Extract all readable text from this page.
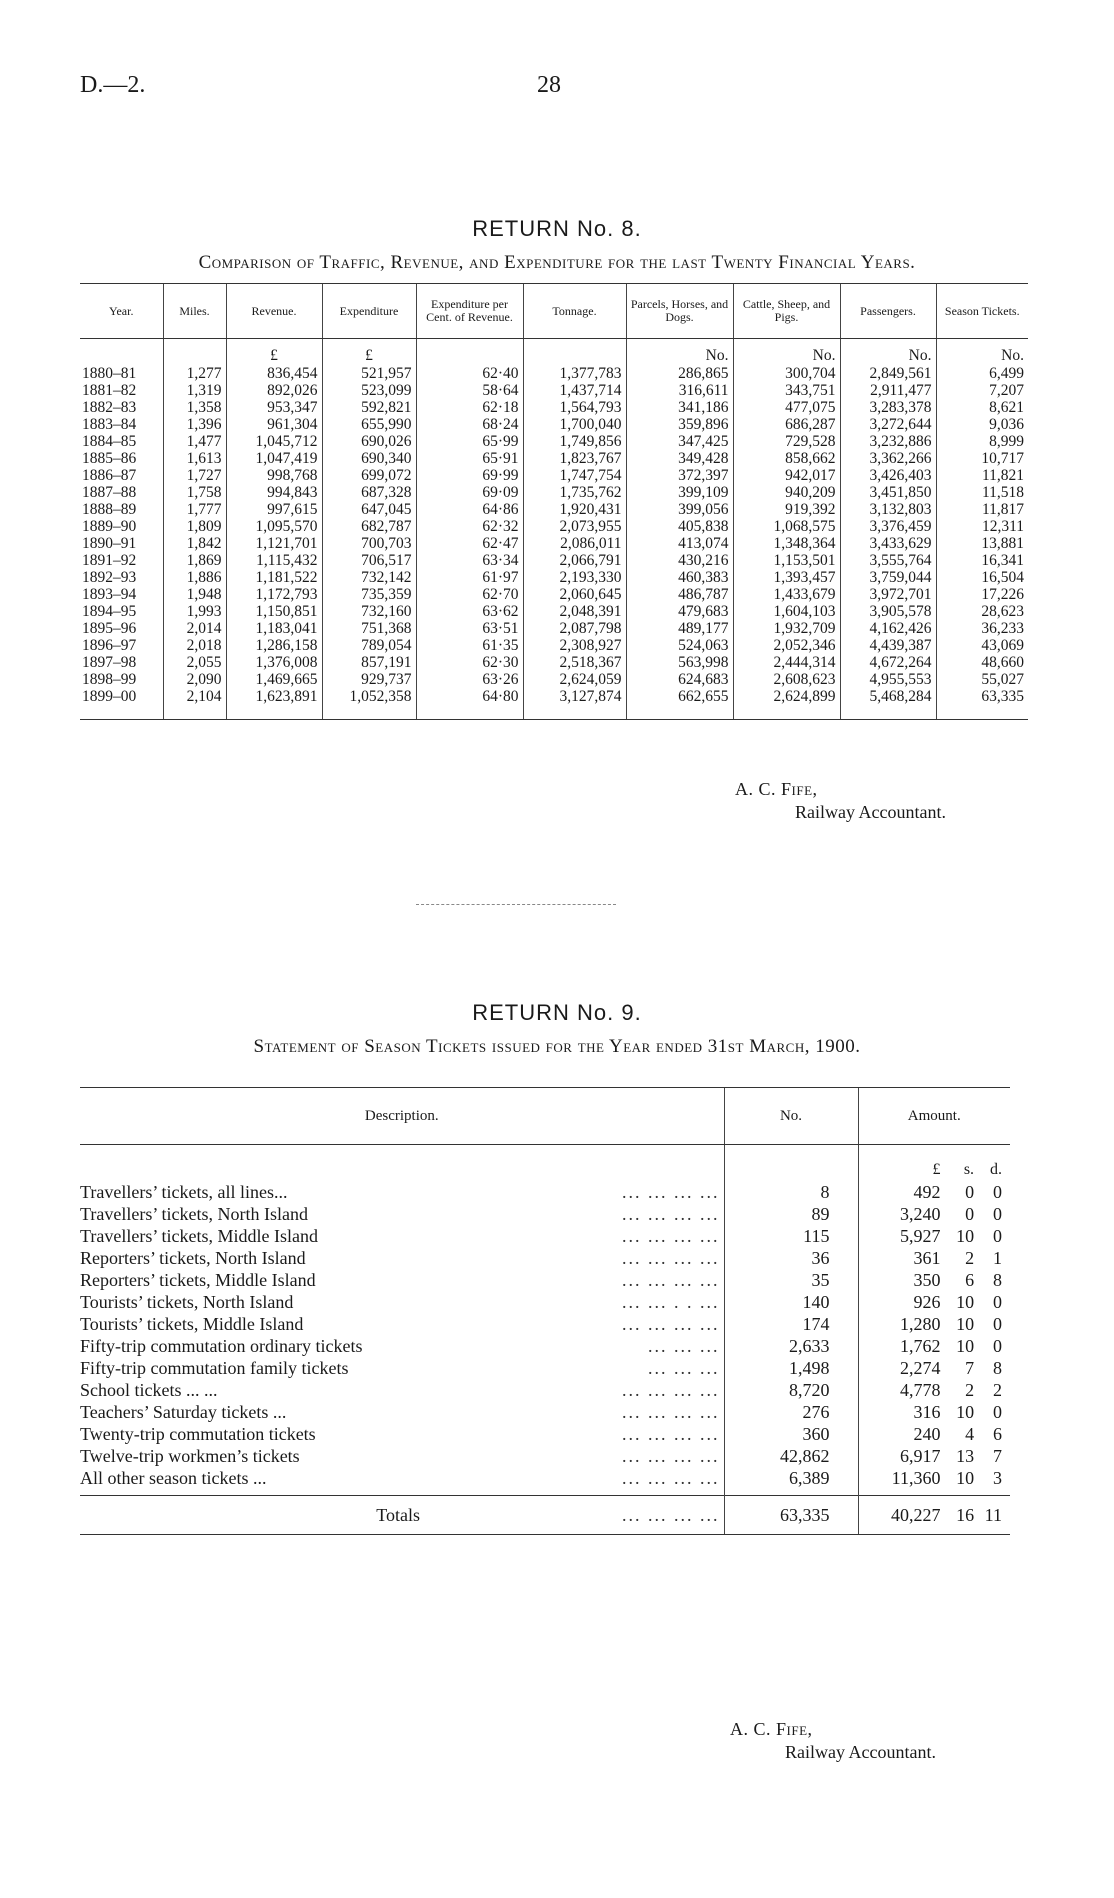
D.—2.	28
RETURN No. 8.
Comparison of Traffic, Revenue, and Expenditure for the last Twenty Financial Years.
Year.	Miles.	Revenue.	Expenditure	Expenditure per Cent. of Revenue.	Tonnage.	Parcels, Horses, and Dogs.	Cattle, Sheep, and Pigs.	Passengers.	Season Tickets.
		£	£			No.	No.	No.	No.
1880–81	1,277	836,454	521,957	62·40	1,377,783	286,865	300,704	2,849,561	6,499
1881–82	1,319	892,026	523,099	58·64	1,437,714	316,611	343,751	2,911,477	7,207
1882–83	1,358	953,347	592,821	62·18	1,564,793	341,186	477,075	3,283,378	8,621
1883–84	1,396	961,304	655,990	68·24	1,700,040	359,896	686,287	3,272,644	9,036
1884–85	1,477	1,045,712	690,026	65·99	1,749,856	347,425	729,528	3,232,886	8,999
1885–86	1,613	1,047,419	690,340	65·91	1,823,767	349,428	858,662	3,362,266	10,717
1886–87	1,727	998,768	699,072	69·99	1,747,754	372,397	942,017	3,426,403	11,821
1887–88	1,758	994,843	687,328	69·09	1,735,762	399,109	940,209	3,451,850	11,518
1888–89	1,777	997,615	647,045	64·86	1,920,431	399,056	919,392	3,132,803	11,817
1889–90	1,809	1,095,570	682,787	62·32	2,073,955	405,838	1,068,575	3,376,459	12,311
1890–91	1,842	1,121,701	700,703	62·47	2,086,011	413,074	1,348,364	3,433,629	13,881
1891–92	1,869	1,115,432	706,517	63·34	2,066,791	430,216	1,153,501	3,555,764	16,341
1892–93	1,886	1,181,522	732,142	61·97	2,193,330	460,383	1,393,457	3,759,044	16,504
1893–94	1,948	1,172,793	735,359	62·70	2,060,645	486,787	1,433,679	3,972,701	17,226
1894–95	1,993	1,150,851	732,160	63·62	2,048,391	479,683	1,604,103	3,905,578	28,623
1895–96	2,014	1,183,041	751,368	63·51	2,087,798	489,177	1,932,709	4,162,426	36,233
1896–97	2,018	1,286,158	789,054	61·35	2,308,927	524,063	2,052,346	4,439,387	43,069
1897–98	2,055	1,376,008	857,191	62·30	2,518,367	563,998	2,444,314	4,672,264	48,660
1898–99	2,090	1,469,665	929,737	63·26	2,624,059	624,683	2,608,623	4,955,553	55,027
1899–00	2,104	1,623,891	1,052,358	64·80	3,127,874	662,655	2,624,899	5,468,284	63,335
A. C. Fife,
Railway Accountant.
RETURN No. 9.
Statement of Season Tickets issued for the Year ended 31st March, 1900.
Description.		No.	Amount.

			£ s. d.

Travellers’ tickets, all lines...	... ... ... ...	8	492 0 0

Travellers’ tickets, North Island	... ... ... ...	89	3,240 0 0

Travellers’ tickets, Middle Island	... ... ... ...	115	5,927 10 0

Reporters’ tickets, North Island	... ... ... ...	36	361 2 1

Reporters’ tickets, Middle Island	... ... ... ...	35	350 6 8

Tourists’ tickets, North Island	... ... . . ...	140	926 10 0

Tourists’ tickets, Middle Island	... ... ... ...	174	1,280 10 0

Fifty-trip commutation ordinary tickets	... ... ...	2,633	1,762 10 0

Fifty-trip commutation family tickets	... ... ...	1,498	2,274 7 8

School tickets ... ...	... ... ... ...	8,720	4,778 2 2

Teachers’ Saturday tickets ...	... ... ... ...	276	316 10 0

Twenty-trip commutation tickets	... ... ... ...	360	240 4 6

Twelve-trip workmen’s tickets	... ... ... ...	42,862	6,917 13 7

All other season tickets ...	... ... ... ...	6,389	11,360 10 3

Totals	... ... ... ...	63,335	40,227 16 11
A. C. Fife,
Railway Accountant.
